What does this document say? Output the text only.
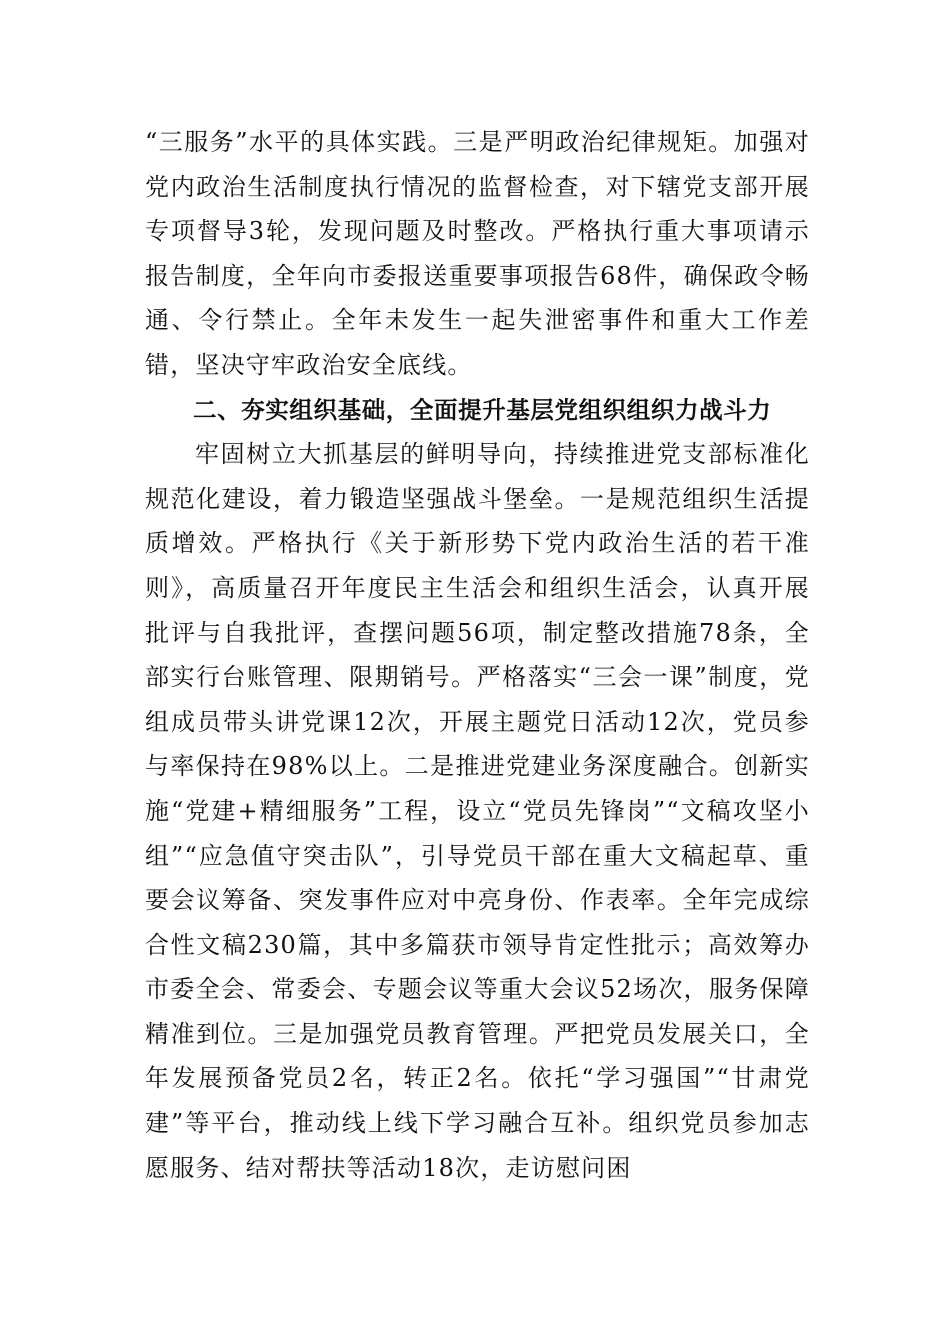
“三服务”水平的具体实践。三是严明政治纪律规矩。加强对党内政治生活制度执行情况的监督检查，对下辖党支部开展专项督导3轮，发现问题及时整改。严格执行重大事项请示报告制度，全年向市委报送重要事项报告68件，确保政令畅通、令行禁止。全年未发生一起失泄密事件和重大工作差错，坚决守牢政治安全底线。

二、夯实组织基础，全面提升基层党组织组织力战斗力

牢固树立大抓基层的鲜明导向，持续推进党支部标准化规范化建设，着力锻造坚强战斗堡垒。一是规范组织生活提质增效。严格执行《关于新形势下党内政治生活的若干准则》，高质量召开年度民主生活会和组织生活会，认真开展批评与自我批评，查摆问题56项，制定整改措施78条，全部实行台账管理、限期销号。严格落实“三会一课”制度，党组成员带头讲党课12次，开展主题党日活动12次，党员参与率保持在98%以上。二是推进党建业务深度融合。创新实施“党建+精细服务”工程，设立“党员先锋岗”“文稿攻坚小组”“应急值守突击队”，引导党员干部在重大文稿起草、重要会议筹备、突发事件应对中亮身份、作表率。全年完成综合性文稿230篇，其中多篇获市领导肯定性批示；高效筹办市委全会、常委会、专题会议等重大会议52场次，服务保障精准到位。三是加强党员教育管理。严把党员发展关口，全年发展预备党员2名，转正2名。依托“学习强国”“甘肃党建”等平台，推动线上线下学习融合互补。组织党员参加志愿服务、结对帮扶等活动18次，走访慰问困
